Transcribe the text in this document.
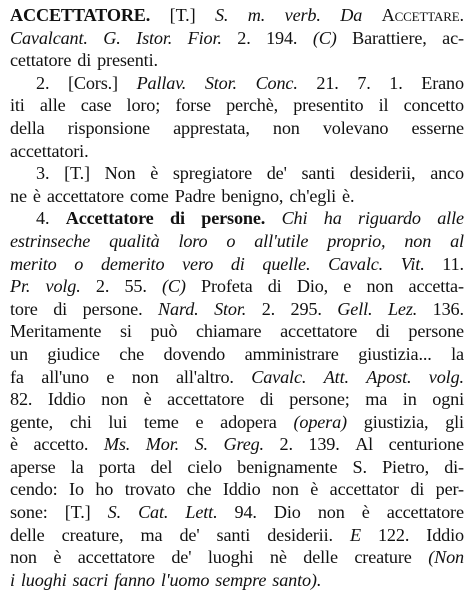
ACCETTATORE. [T.] S. m. verb. Da Accettare.
Cavalcant. G. Istor. Fior. 2. 194. (C) Barattiere, ac-
cettatore di presenti.
2. [Cors.] Pallav. Stor. Conc. 21. 7. 1. Erano
iti alle case loro; forse perchè, presentito il concetto
della risponsione apprestata, non volevano esserne
accettatori.
3. [T.] Non è spregiatore de' santi desiderii, anco
ne è accettatore come Padre benigno, ch'egli è.
4. Accettatore di persone. Chi ha riguardo alle
estrinseche qualità loro o all'utile proprio, non al
merito o demerito vero di quelle. Cavalc. Vit. 11.
Pr. volg. 2. 55. (C) Profeta di Dio, e non accetta-
tore di persone. Nard. Stor. 2. 295. Gell. Lez. 136.
Meritamente si può chiamare accettatore di persone
un giudice che dovendo amministrare giustizia... la
fa all'uno e non all'altro. Cavalc. Att. Apost. volg.
82. Iddio non è accettatore di persone; ma in ogni
gente, chi lui teme e adopera (opera) giustizia, gli
è accetto. Ms. Mor. S. Greg. 2. 139. Al centurione
aperse la porta del cielo benignamente S. Pietro, di-
cendo: Io ho trovato che Iddio non è accettator di per-
sone: [T.] S. Cat. Lett. 94. Dio non è accettatore
delle creature, ma de' santi desiderii. E 122. Iddio
non è accettatore de' luoghi nè delle creature (Non
i luoghi sacri fanno l'uomo sempre santo).
